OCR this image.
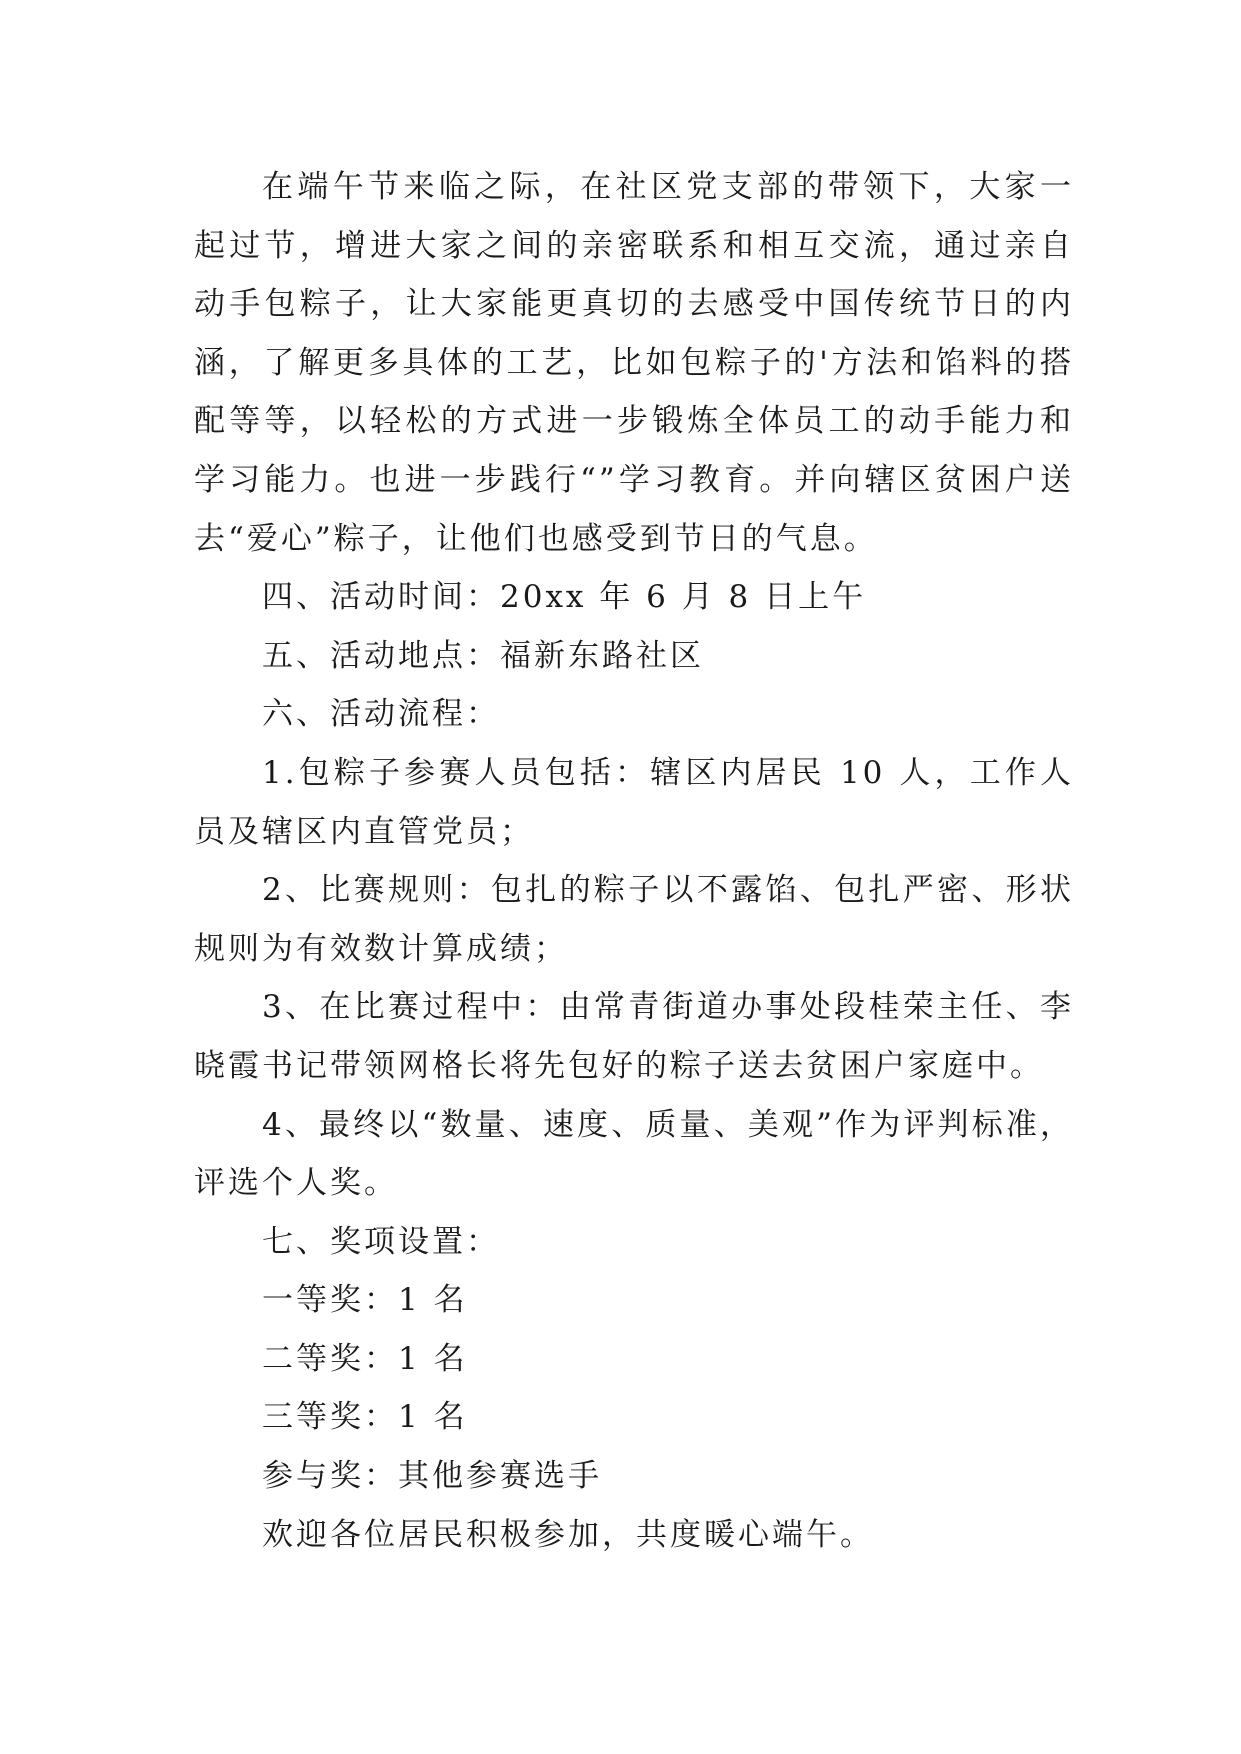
在端午节来临之际，在社区党支部的带领下，大家一起过节，增进大家之间的亲密联系和相互交流，通过亲自动手包粽子，让大家能更真切的去感受中国传统节日的内涵，了解更多具体的工艺，比如包粽子的'方法和馅料的搭配等等，以轻松的方式进一步锻炼全体员工的动手能力和学习能力。也进一步践行“”学习教育。并向辖区贫困户送去“爱心”粽子，让他们也感受到节日的气息。

四、活动时间：20xx 年 6 月 8 日上午

五、活动地点：福新东路社区

六、活动流程：

1.包粽子参赛人员包括：辖区内居民 10 人，工作人员及辖区内直管党员；

2、比赛规则：包扎的粽子以不露馅、包扎严密、形状规则为有效数计算成绩；

3、在比赛过程中：由常青街道办事处段桂荣主任、李晓霞书记带领网格长将先包好的粽子送去贫困户家庭中。

4、最终以“数量、速度、质量、美观”作为评判标准，评选个人奖。

七、奖项设置：

一等奖：1 名

二等奖：1 名

三等奖：1 名

参与奖：其他参赛选手

欢迎各位居民积极参加，共度暖心端午。
